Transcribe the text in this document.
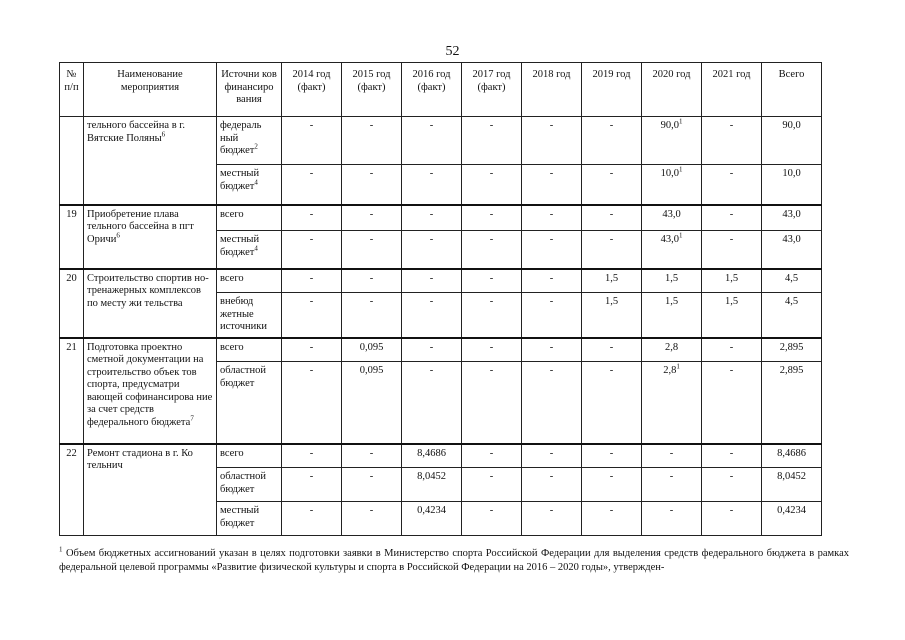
52
№ п/п	Наименование мероприятия	Источни ков финансиро вания	2014 год (факт)	2015 год (факт)	2016 год (факт)	2017 год (факт)	2018 год	2019 год	2020 год	2021 год	Всего
	тельного бассейна в г. Вятские Поляны$^6$	федераль ный бюджет$^2$	-	-	-	-	-	-	90,0$^1$	-	90,0
		местный бюджет$^4$	-	-	-	-	-	-	10,0$^1$	-	10,0
19	Приобретение плава тельного бассейна в пгт Оричи$^6$	всего	-	-	-	-	-	-	43,0	-	43,0
		местный бюджет$^4$	-	-	-	-	-	-	43,0$^1$	-	43,0
20	Строительство спортив но-тренажерных комплексов по месту жи тельства	всего	-	-	-	-	-	1,5	1,5	1,5	4,5
		внебюд жетные источники	-	-	-	-	-	1,5	1,5	1,5	4,5
21	Подготовка проектно сметной документации на строительство объек тов спорта, предусматри вающей софинансирова ние за счет средств федерального бюджета$^7$	всего	-	0,095	-	-	-	-	2,8	-	2,895
		областной бюджет	-	0,095	-	-	-	-	$2,8^1$	-	2,895
22	Ремонт стадиона в г. Ко тельнич	всего	-	-	8,4686	-	-	-	-	-	8,4686
		областной бюджет	-	-	8,0452	-	-	-	-	-	8,0452
		местный бюджет	-	-	0,4234	-	-	-	-	-	0,4234
$^1$ Объем бюджетных ассигнований указан в целях подготовки заявки в Министерство спорта Российской Федерации для выделения средств федерального бюджета в рамках федеральной целевой программы «Развитие физической культуры и спорта в Российской Федерации на 2016 – 2020 годы», утвержден-
